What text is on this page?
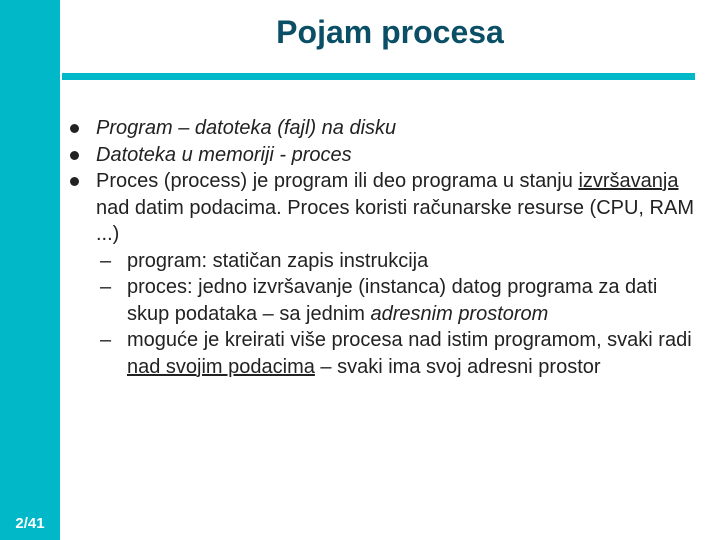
2/41
Pojam procesa
Program – datoteka (fajl) na disku
Datoteka u memoriji - proces
Proces (process) je program ili deo programa u stanju izvršavanja nad datim podacima. Proces koristi računarske resurse (CPU, RAM ...)
– program: statičan zapis instrukcija
– proces: jedno izvršavanje (instanca) datog programa za dati skup podataka – sa jednim adresnim prostorom
– moguće je kreirati više procesa nad istim programom, svaki radi nad svojim podacima – svaki ima svoj adresni prostor
